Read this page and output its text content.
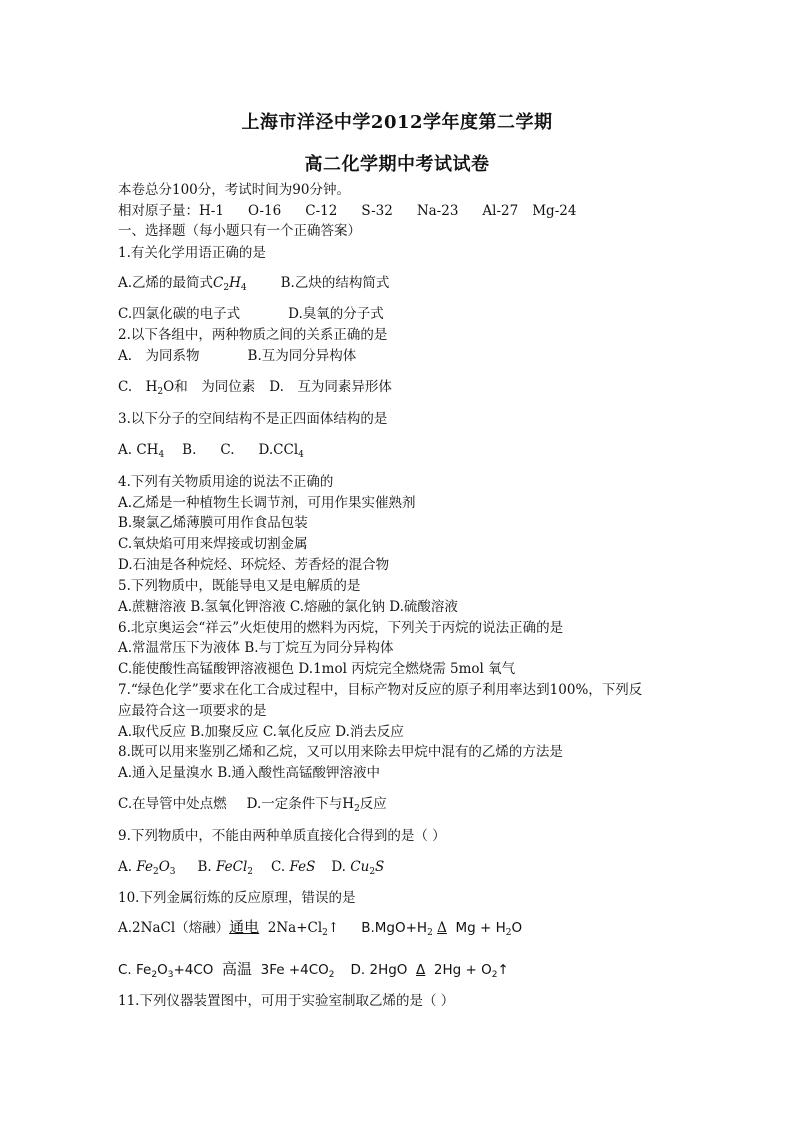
上海市洋泾中学2012学年度第二学期
高二化学期中考试试卷
本卷总分100分，考试时间为90分钟。
相对原子量：H-1 O-16 C-12 S-32 Na-23 Al-27 Mg-24
一、选择题（每小题只有一个正确答案）
1.有关化学用语正确的是
A.乙烯的最简式$C_2H_4$	B.乙炔的结构简式
C.四氯化碳的电子式	D.臭氧的分子式
2.以下各组中，两种物质之间的关系正确的是
A.　为同系物	B.互为同分异构体
C.　$H_2O$和　为同位素 D.　互为同素异形体
3.以下分子的空间结构不是正四面体结构的是
A. $CH_4$ B. C. D.CCl$_4$
4.下列有关物质用途的说法不正确的
A.乙烯是一种植物生长调节剂，可用作果实催熟剂
B.聚氯乙烯薄膜可用作食品包装
C.氧炔焰可用来焊接或切割金属
D.石油是各种烷烃、环烷烃、芳香烃的混合物
5.下列物质中，既能导电又是电解质的是
A.蔗糖溶液 B.氢氧化钾溶液 C.熔融的氯化钠 D.硫酸溶液
6.北京奥运会“祥云”火炬使用的燃料为丙烷，下列关于丙烷的说法正确的是
A.常温常压下为液体 B.与丁烷互为同分异构体
C.能使酸性高锰酸钾溶液褪色 D.1mol 丙烷完全燃烧需 5mol 氧气
7.“绿色化学”要求在化工合成过程中，目标产物对反应的原子利用率达到100%，下列反
应最符合这一项要求的是
A.取代反应 B.加聚反应 C.氧化反应 D.消去反应
8.既可以用来鉴别乙烯和乙烷，又可以用来除去甲烷中混有的乙烯的方法是
A.通入足量溴水 B.通入酸性高锰酸钾溶液中
C.在导管中处点燃 D.一定条件下与$H_2$反应
9.下列物质中，不能由两种单质直接化合得到的是（ ）
A. $Fe_2O_3$ B. FeCl$_2$ C. FeS D. $Cu_2S$
10.下列金属衍炼的反应原理，错误的是
A.2NaCl（熔融）通电 $2Na+Cl_2↑$ $B.MgO+H_2$ Δ $Mg + H_2O$
C. $Fe_2O_3+4CO$ 高温 $3Fe +4CO_2$ D. 2HgO Δ $2Hg + O_2↑$
11.下列仪器装置图中，可用于实验室制取乙烯的是（ ）
